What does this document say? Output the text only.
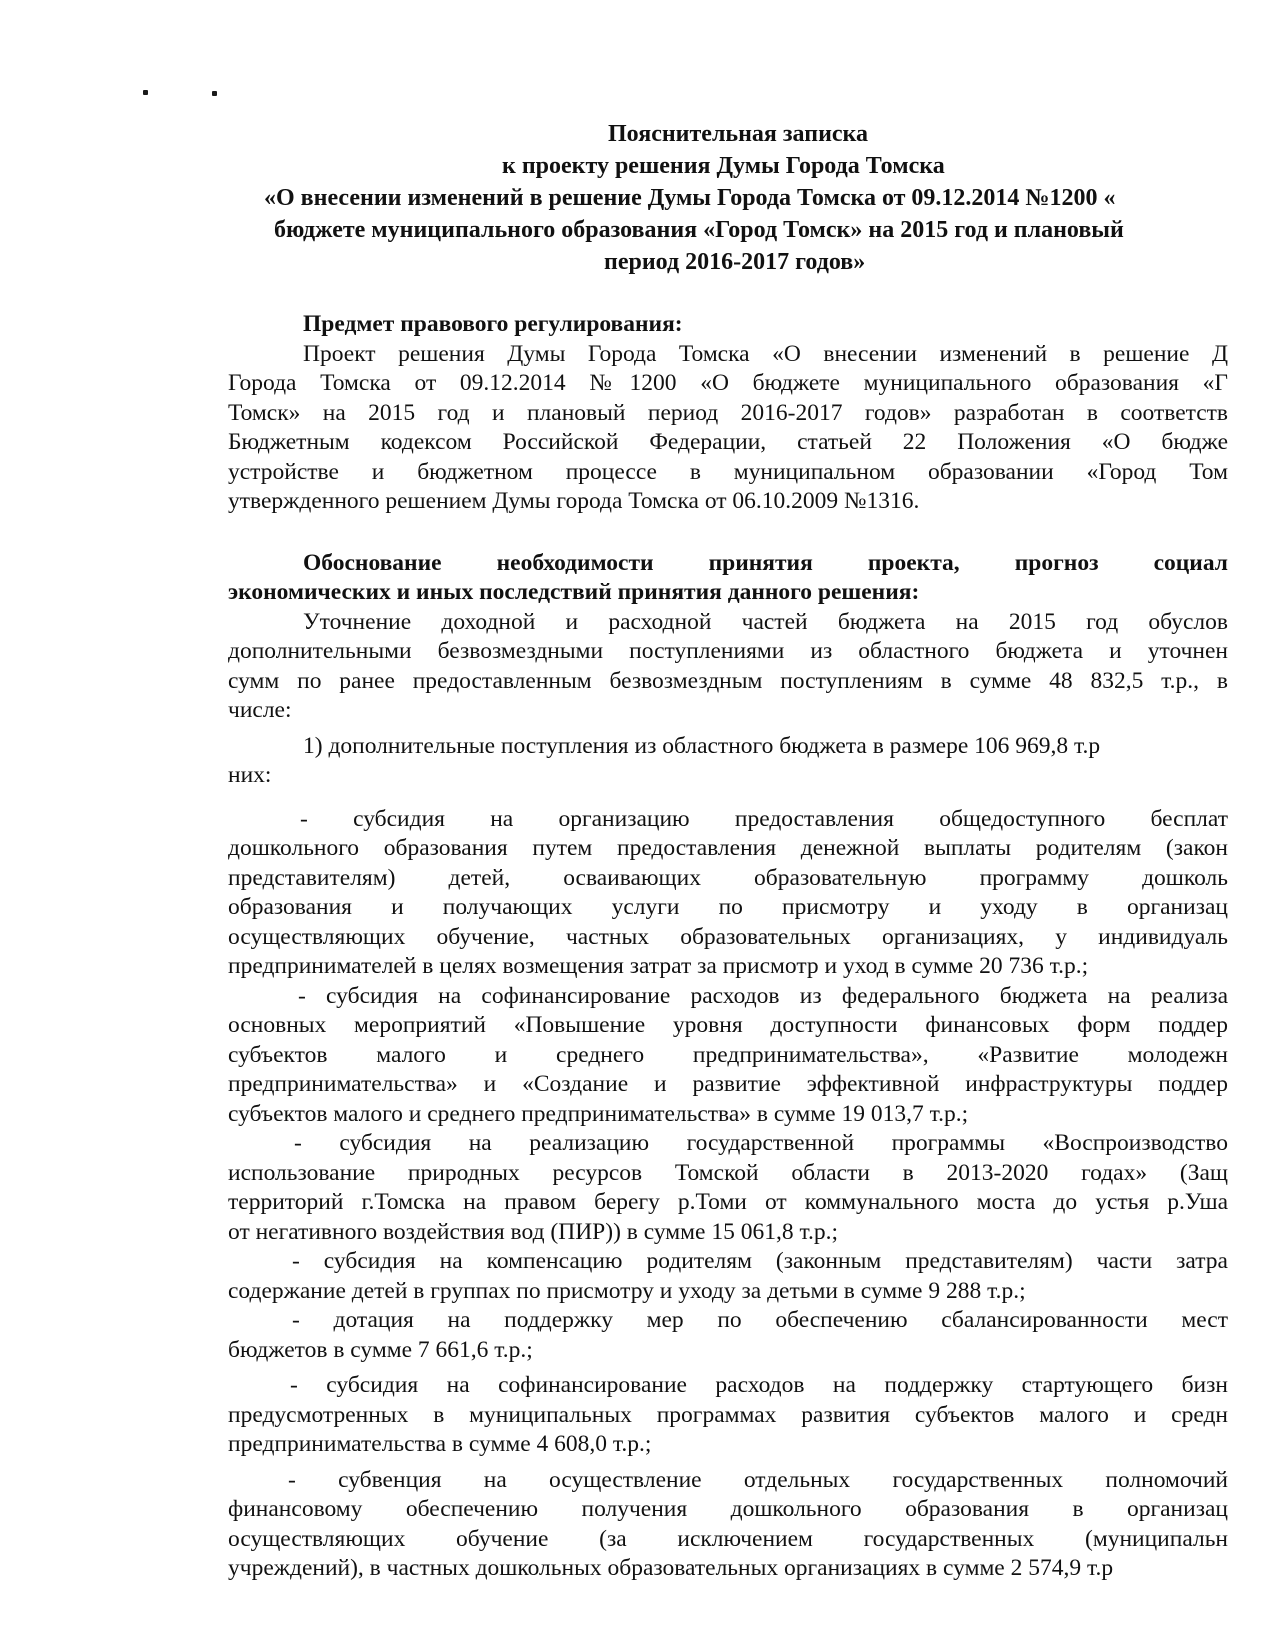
Пояснительная записка
к проекту решения Думы Города Томска
«О внесении изменений в решение Думы Города Томска от 09.12.2014 №1200 «
бюджете муниципального образования «Город Томск» на 2015 год и плановый
период 2016-2017 годов»
Предмет правового регулирования:
Проект решения Думы Города Томска «О внесении изменений в решение Д
Города Томска от 09.12.2014 №1200 «О бюджете муниципального образования «Г
Томск» на 2015 год и плановый период 2016-2017 годов» разработан в соответств
Бюджетным кодексом Российской Федерации, статьей 22 Положения «О бюдже
устройстве и бюджетном процессе в муниципальном образовании «Город Том
утвержденного решением Думы города Томска от 06.10.2009 №1316.
Обоснование необходимости принятия проекта, прогноз социал
экономических и иных последствий принятия данного решения:
Уточнение доходной и расходной частей бюджета на 2015 год обуслов
дополнительными безвозмездными поступлениями из областного бюджета и уточнен
сумм по ранее предоставленным безвозмездным поступлениям в сумме 48 832,5 т.р., в
числе:
1) дополнительные поступления из областного бюджета в размере 106 969,8 т.р
них:
- субсидия на организацию предоставления общедоступного бесплат
дошкольного образования путем предоставления денежной выплаты родителям (закон
представителям) детей, осваивающих образовательную программу дошколь
образования и получающих услуги по присмотру и уходу в организац
осуществляющих обучение, частных образовательных организациях, у индивидуаль
предпринимателей в целях возмещения затрат за присмотр и уход в сумме 20 736 т.р.;
- субсидия на софинансирование расходов из федерального бюджета на реализа
основных мероприятий «Повышение уровня доступности финансовых форм поддер
субъектов малого и среднего предпринимательства», «Развитие молодежн
предпринимательства» и «Создание и развитие эффективной инфраструктуры поддер
субъектов малого и среднего предпринимательства» в сумме 19 013,7 т.р.;
- субсидия на реализацию государственной программы «Воспроизводство
использование природных ресурсов Томской области в 2013-2020 годах» (Защ
территорий г.Томска на правом берегу р.Томи от коммунального моста до устья р.Уша
от негативного воздействия вод (ПИР)) в сумме 15 061,8 т.р.;
- субсидия на компенсацию родителям (законным представителям) части затра
содержание детей в группах по присмотру и уходу за детьми в сумме 9 288 т.р.;
- дотация на поддержку мер по обеспечению сбалансированности мест
бюджетов в сумме 7 661,6 т.р.;
- субсидия на софинансирование расходов на поддержку стартующего бизн
предусмотренных в муниципальных программах развития субъектов малого и средн
предпринимательства в сумме 4 608,0 т.р.;
- субвенция на осуществление отдельных государственных полномочий
финансовому обеспечению получения дошкольного образования в организац
осуществляющих обучение (за исключением государственных (муниципальн
учреждений), в частных дошкольных образовательных организациях в сумме 2 574,9 т.р
